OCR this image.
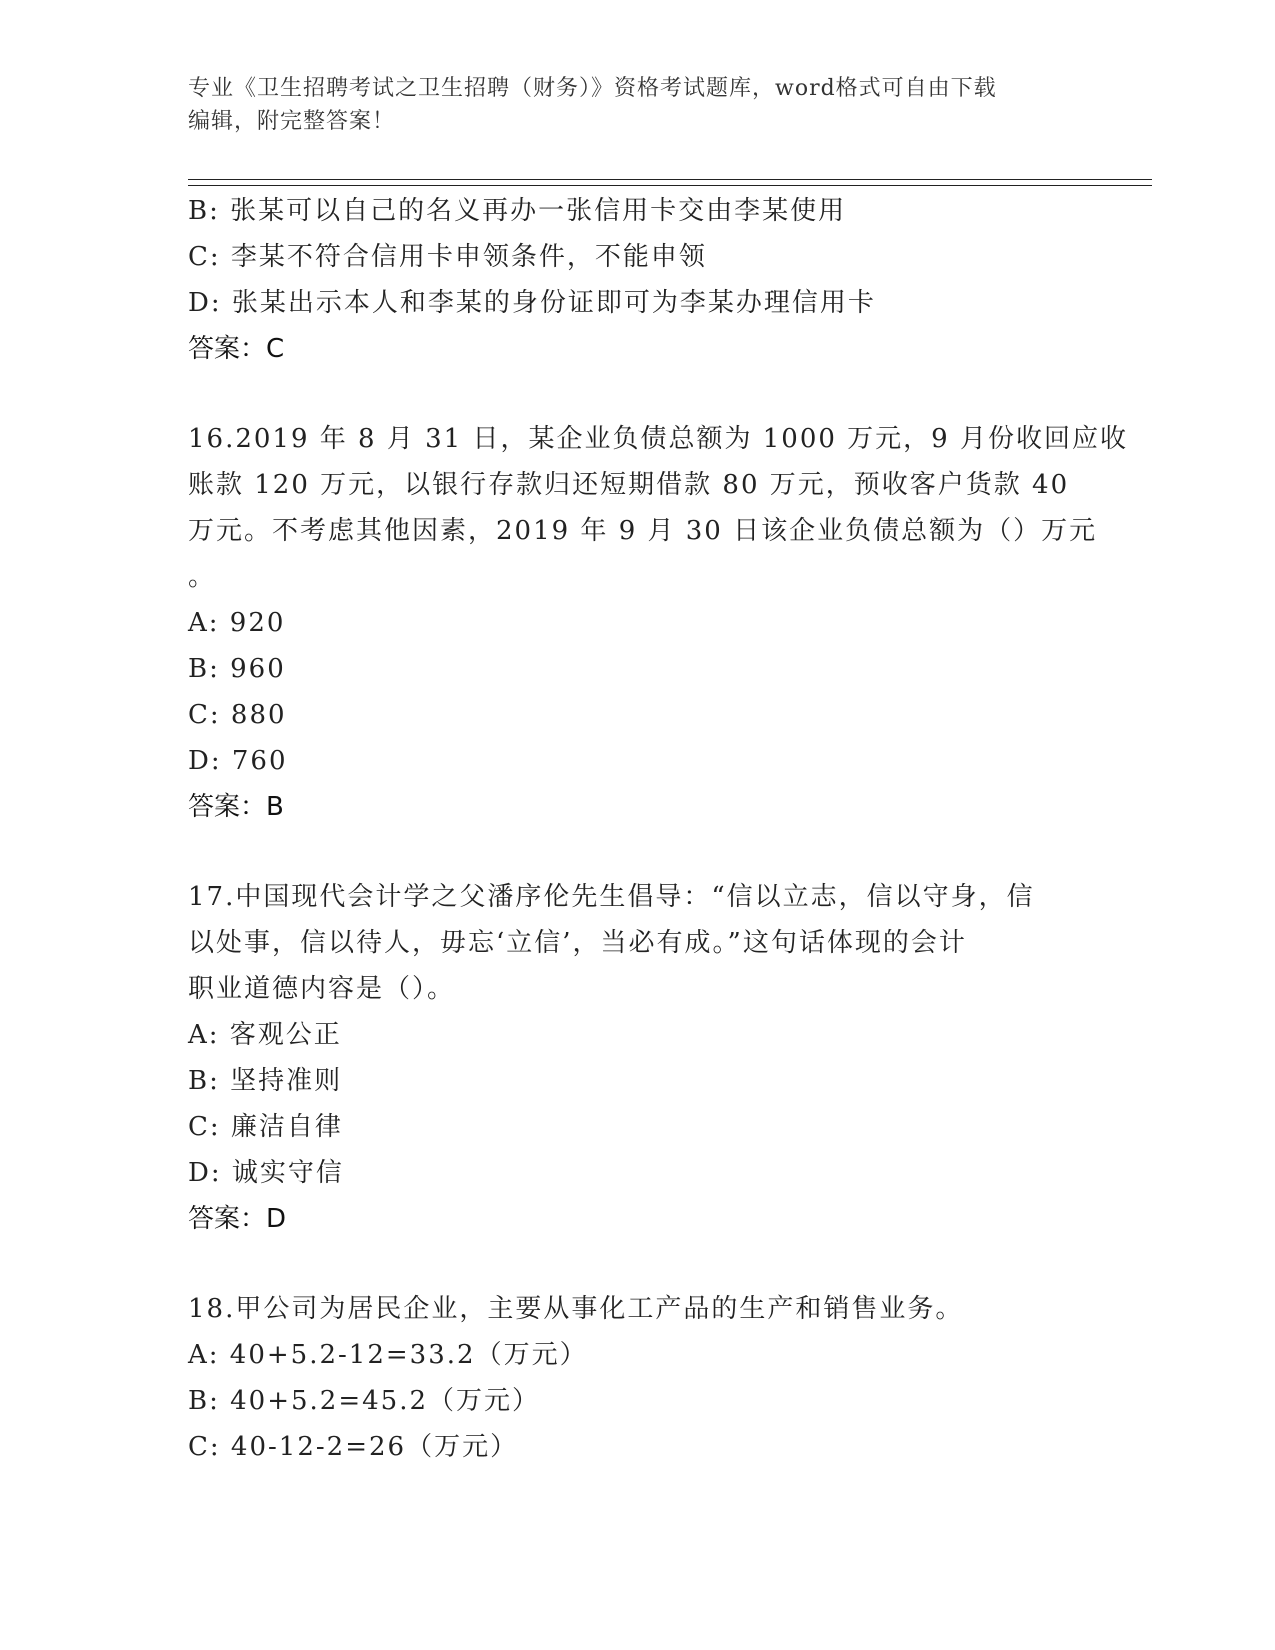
专业《卫生招聘考试之卫生招聘（财务）》资格考试题库，word格式可自由下载

编辑，附完整答案！

B: 张某可以自己的名义再办一张信用卡交由李某使用
C: 李某不符合信用卡申领条件，不能申领
D: 张某出示本人和李某的身份证即可为李某办理信用卡
答案：C
16.2019 年 8 月 31 日，某企业负债总额为 1000 万元，9 月份收回应收
账款 120 万元，以银行存款归还短期借款 80 万元，预收客户货款 40
万元。不考虑其他因素，2019 年 9 月 30 日该企业负债总额为（）万元
。
A: 920
B: 960
C: 880
D: 760
答案：B
17.中国现代会计学之父潘序伦先生倡导：“信以立志，信以守身，信
以处事，信以待人，毋忘‘立信’，当必有成。”这句话体现的会计
职业道德内容是（）。
A: 客观公正
B: 坚持准则
C: 廉洁自律
D: 诚实守信
答案：D
18.甲公司为居民企业，主要从事化工产品的生产和销售业务。
A: 40+5.2-12=33.2（万元）
B: 40+5.2=45.2（万元）
C: 40-12-2=26（万元）
